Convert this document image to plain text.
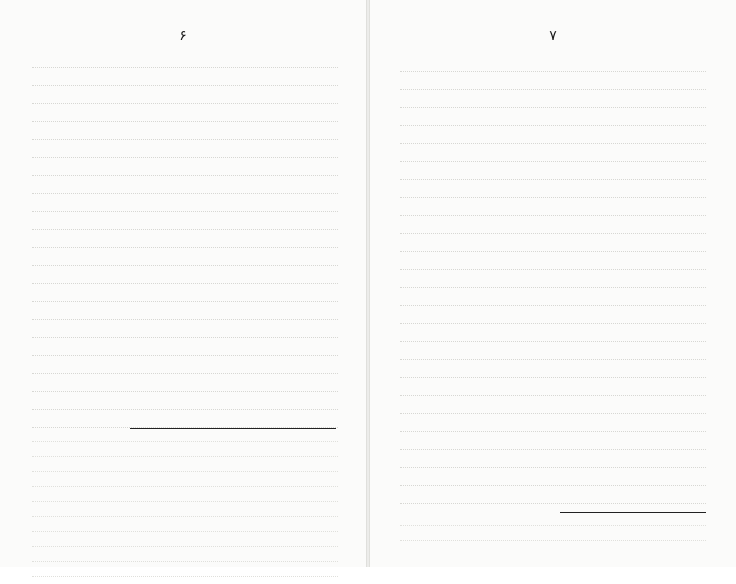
۶	۷
